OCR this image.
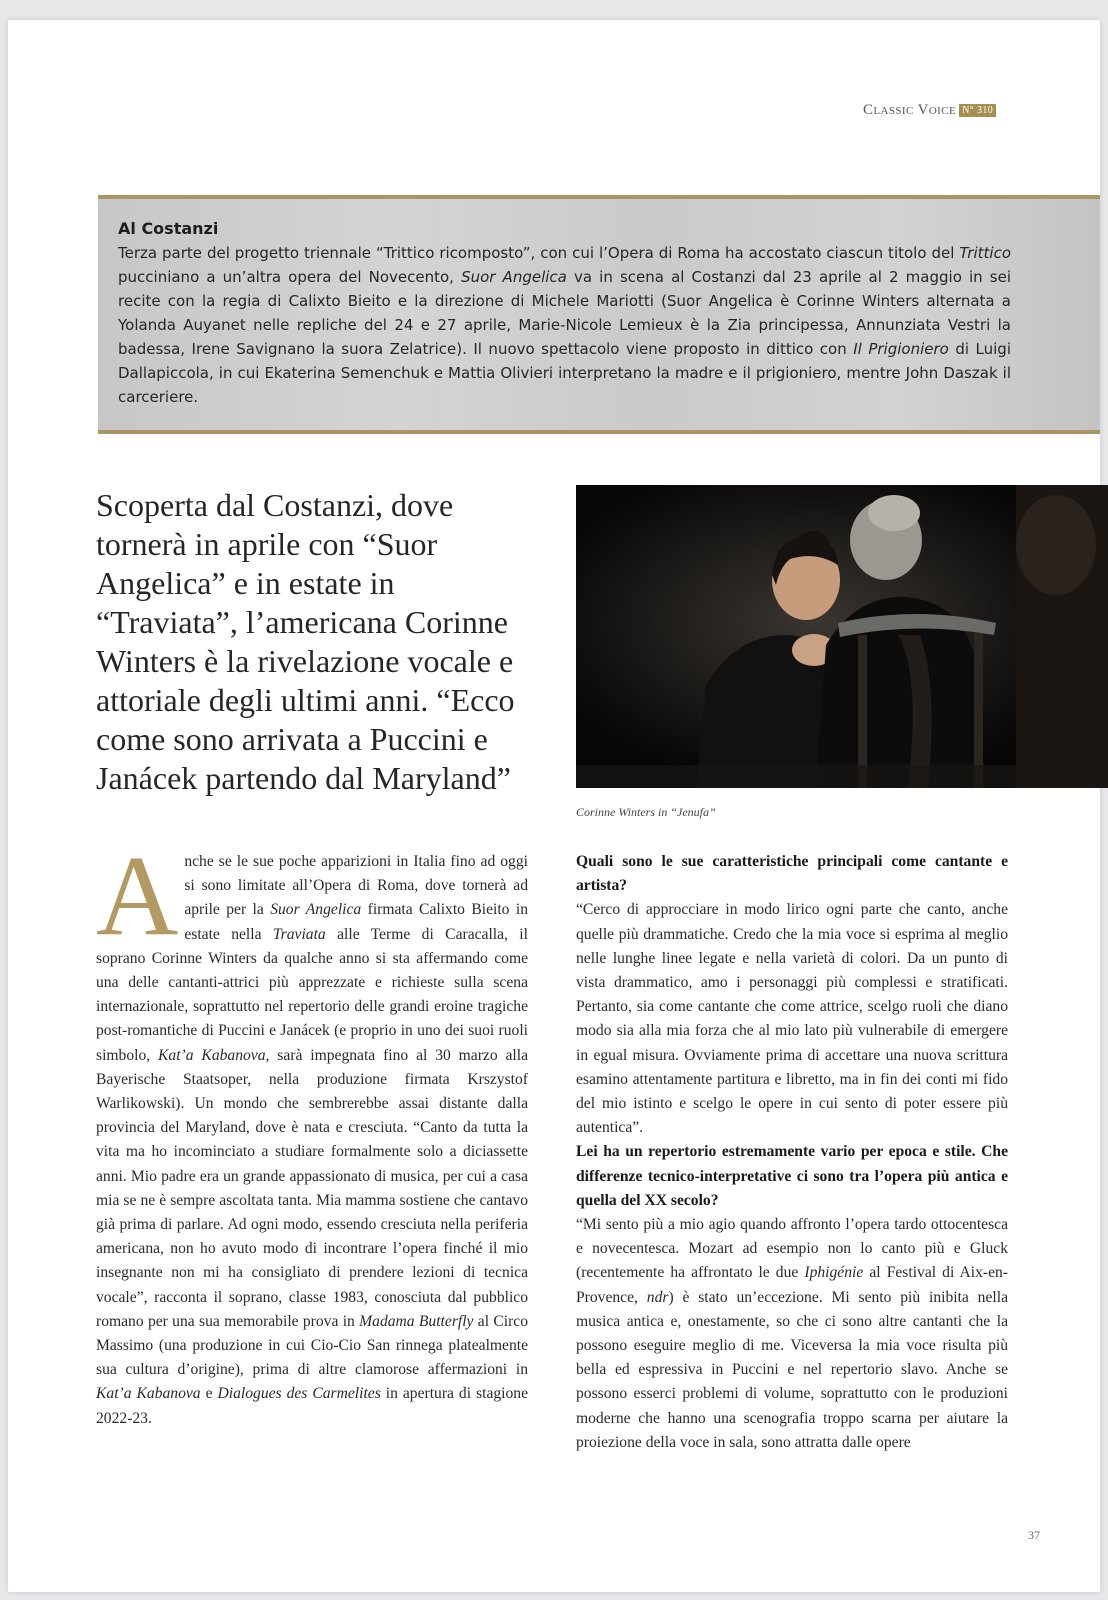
Classic Voice N° 310
Al Costanzi

Terza parte del progetto triennale “Trittico ricomposto”, con cui l’Opera di Roma ha accostato ciascun titolo del Trittico pucciniano a un’altra opera del Novecento, Suor Angelica va in scena al Costanzi dal 23 aprile al 2 maggio in sei recite con la regia di Calixto Bieito e la direzione di Michele Mariotti (Suor Angelica è Corinne Winters alternata a Yolanda Auyanet nelle repliche del 24 e 27 aprile, Marie-Nicole Lemieux è la Zia principessa, Annunziata Vestri la badessa, Irene Savignano la suora Zelatrice). Il nuovo spettacolo viene proposto in dittico con Il Prigioniero di Luigi Dallapiccola, in cui Ekaterina Semenchuk e Mattia Olivieri interpretano la madre e il prigioniero, mentre John Daszak il carceriere.

Scoperta dal Costanzi, dove tornerà in aprile con “Suor Angelica” e in estate in “Traviata”, l’americana Corinne Winters è la rivelazione vocale e attoriale degli ultimi anni. “Ecco come sono arrivata a Puccini e Janácek partendo dal Maryland”
Corinne Winters in “Jenufa”

Anche se le sue poche apparizioni in Italia fino ad oggi si sono limitate all’Opera di Roma, dove tornerà ad aprile per la Suor Angelica firmata Calixto Bieito in estate nella Traviata alle Terme di Caracalla, il soprano Corinne Winters da qualche anno si sta affermando come una delle cantanti-attrici più apprezzate e richieste sulla scena internazionale, soprattutto nel repertorio delle grandi eroine tragiche post-romantiche di Puccini e Janácek (e proprio in uno dei suoi ruoli simbolo, Kat’a Kabanova, sarà impegnata fino al 30 marzo alla Bayerische Staatsoper, nella produzione firmata Krszystof Warlikowski). Un mondo che sembrerebbe assai distante dalla provincia del Maryland, dove è nata e cresciuta. “Canto da tutta la vita ma ho incominciato a studiare formalmente solo a diciassette anni. Mio padre era un grande appassionato di musica, per cui a casa mia se ne è sempre ascoltata tanta. Mia mamma sostiene che cantavo già prima di parlare. Ad ogni modo, essendo cresciuta nella periferia americana, non ho avuto modo di incontrare l’opera finché il mio insegnante non mi ha consigliato di prendere lezioni di tecnica vocale”, racconta il soprano, classe 1983, conosciuta dal pubblico romano per una sua memorabile prova in Madama Butterfly al Circo Massimo (una produzione in cui Cio-Cio San rinnega platealmente sua cultura d’origine), prima di altre clamorose affermazioni in Kat’a Kabanova e Dialogues des Carmelites in apertura di stagione 2022-23.

Quali sono le sue caratteristiche principali come cantante e artista?

“Cerco di approcciare in modo lirico ogni parte che canto, anche quelle più drammatiche. Credo che la mia voce si esprima al meglio nelle lunghe linee legate e nella varietà di colori. Da un punto di vista drammatico, amo i personaggi più complessi e stratificati. Pertanto, sia come cantante che come attrice, scelgo ruoli che diano modo sia alla mia forza che al mio lato più vulnerabile di emergere in egual misura. Ovviamente prima di accettare una nuova scrittura esamino attentamente partitura e libretto, ma in fin dei conti mi fido del mio istinto e scelgo le opere in cui sento di poter essere più autentica”.

Lei ha un repertorio estremamente vario per epoca e stile. Che differenze tecnico-interpretative ci sono tra l’opera più antica e quella del XX secolo?

“Mi sento più a mio agio quando affronto l’opera tardo ottocentesca e novecentesca. Mozart ad esempio non lo canto più e Gluck (recentemente ha affrontato le due Iphigénie al Festival di Aix-en-Provence, ndr) è stato un’eccezione. Mi sento più inibita nella musica antica e, onestamente, so che ci sono altre cantanti che la possono eseguire meglio di me. Viceversa la mia voce risulta più bella ed espressiva in Puccini e nel repertorio slavo. Anche se possono esserci problemi di volume, soprattutto con le produzioni moderne che hanno una scenografia troppo scarna per aiutare la proiezione della voce in sala, sono attratta dalle opere

37
